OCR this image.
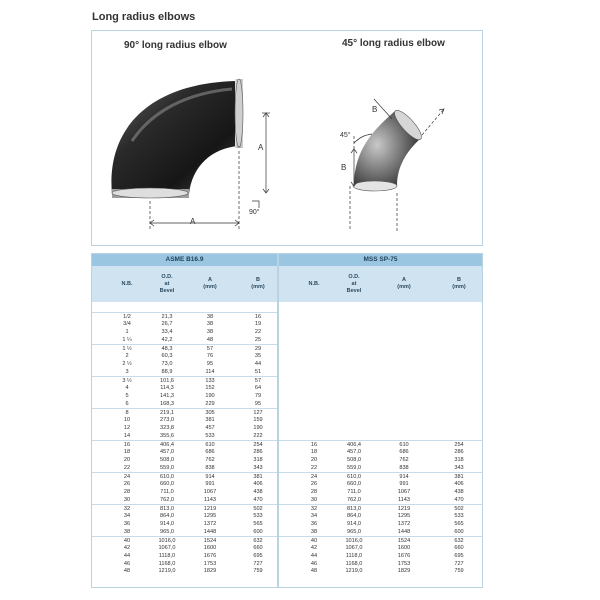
Long radius elbows
90° long radius elbow	45° long radius elbow
A
A
90°
B
B
45°
ASME B16.9	MSS SP-75
N.B.
O.D.
at
Bevel
A
(mm)
B
(mm)
N.B.
O.D.
at
Bevel
A
(mm)
B
(mm)
1/2	21,3	38	16
3/4	26,7	38	19
1	33,4	38	22
1 ¼	42,2	48	25
1 ½	48,3	57	29
2	60,3	76	35
2 ½	73,0	95	44
3	88,9	114	51
3 ½	101,6	133	57
4	114,3	152	64
5	141,3	190	79
6	168,3	229	95
8	219,1	305	127
10	273,0	381	159
12	323,8	457	190
14	355,6	533	222
16	406,4	610	254
18	457,0	686	286
20	508,0	762	318
22	559,0	838	343
24	610,0	914	381
26	660,0	991	406
28	711,0	1067	438
30	762,0	1143	470
32	813,0	1219	502
34	864,0	1295	533
36	914,0	1372	565
38	965,0	1448	600
40	1016,0	1524	632
42	1067,0	1600	660
44	1118,0	1676	695
46	1168,0	1753	727
48	1219,0	1829	759
16	406,4	610	254
18	457,0	686	286
20	508,0	762	318
22	559,0	838	343
24	610,0	914	381
26	660,0	991	406
28	711,0	1067	438
30	762,0	1143	470
32	813,0	1219	502
34	864,0	1295	533
36	914,0	1372	565
38	965,0	1448	600
40	1016,0	1524	632
42	1067,0	1600	660
44	1118,0	1676	695
46	1168,0	1753	727
48	1219,0	1829	759
